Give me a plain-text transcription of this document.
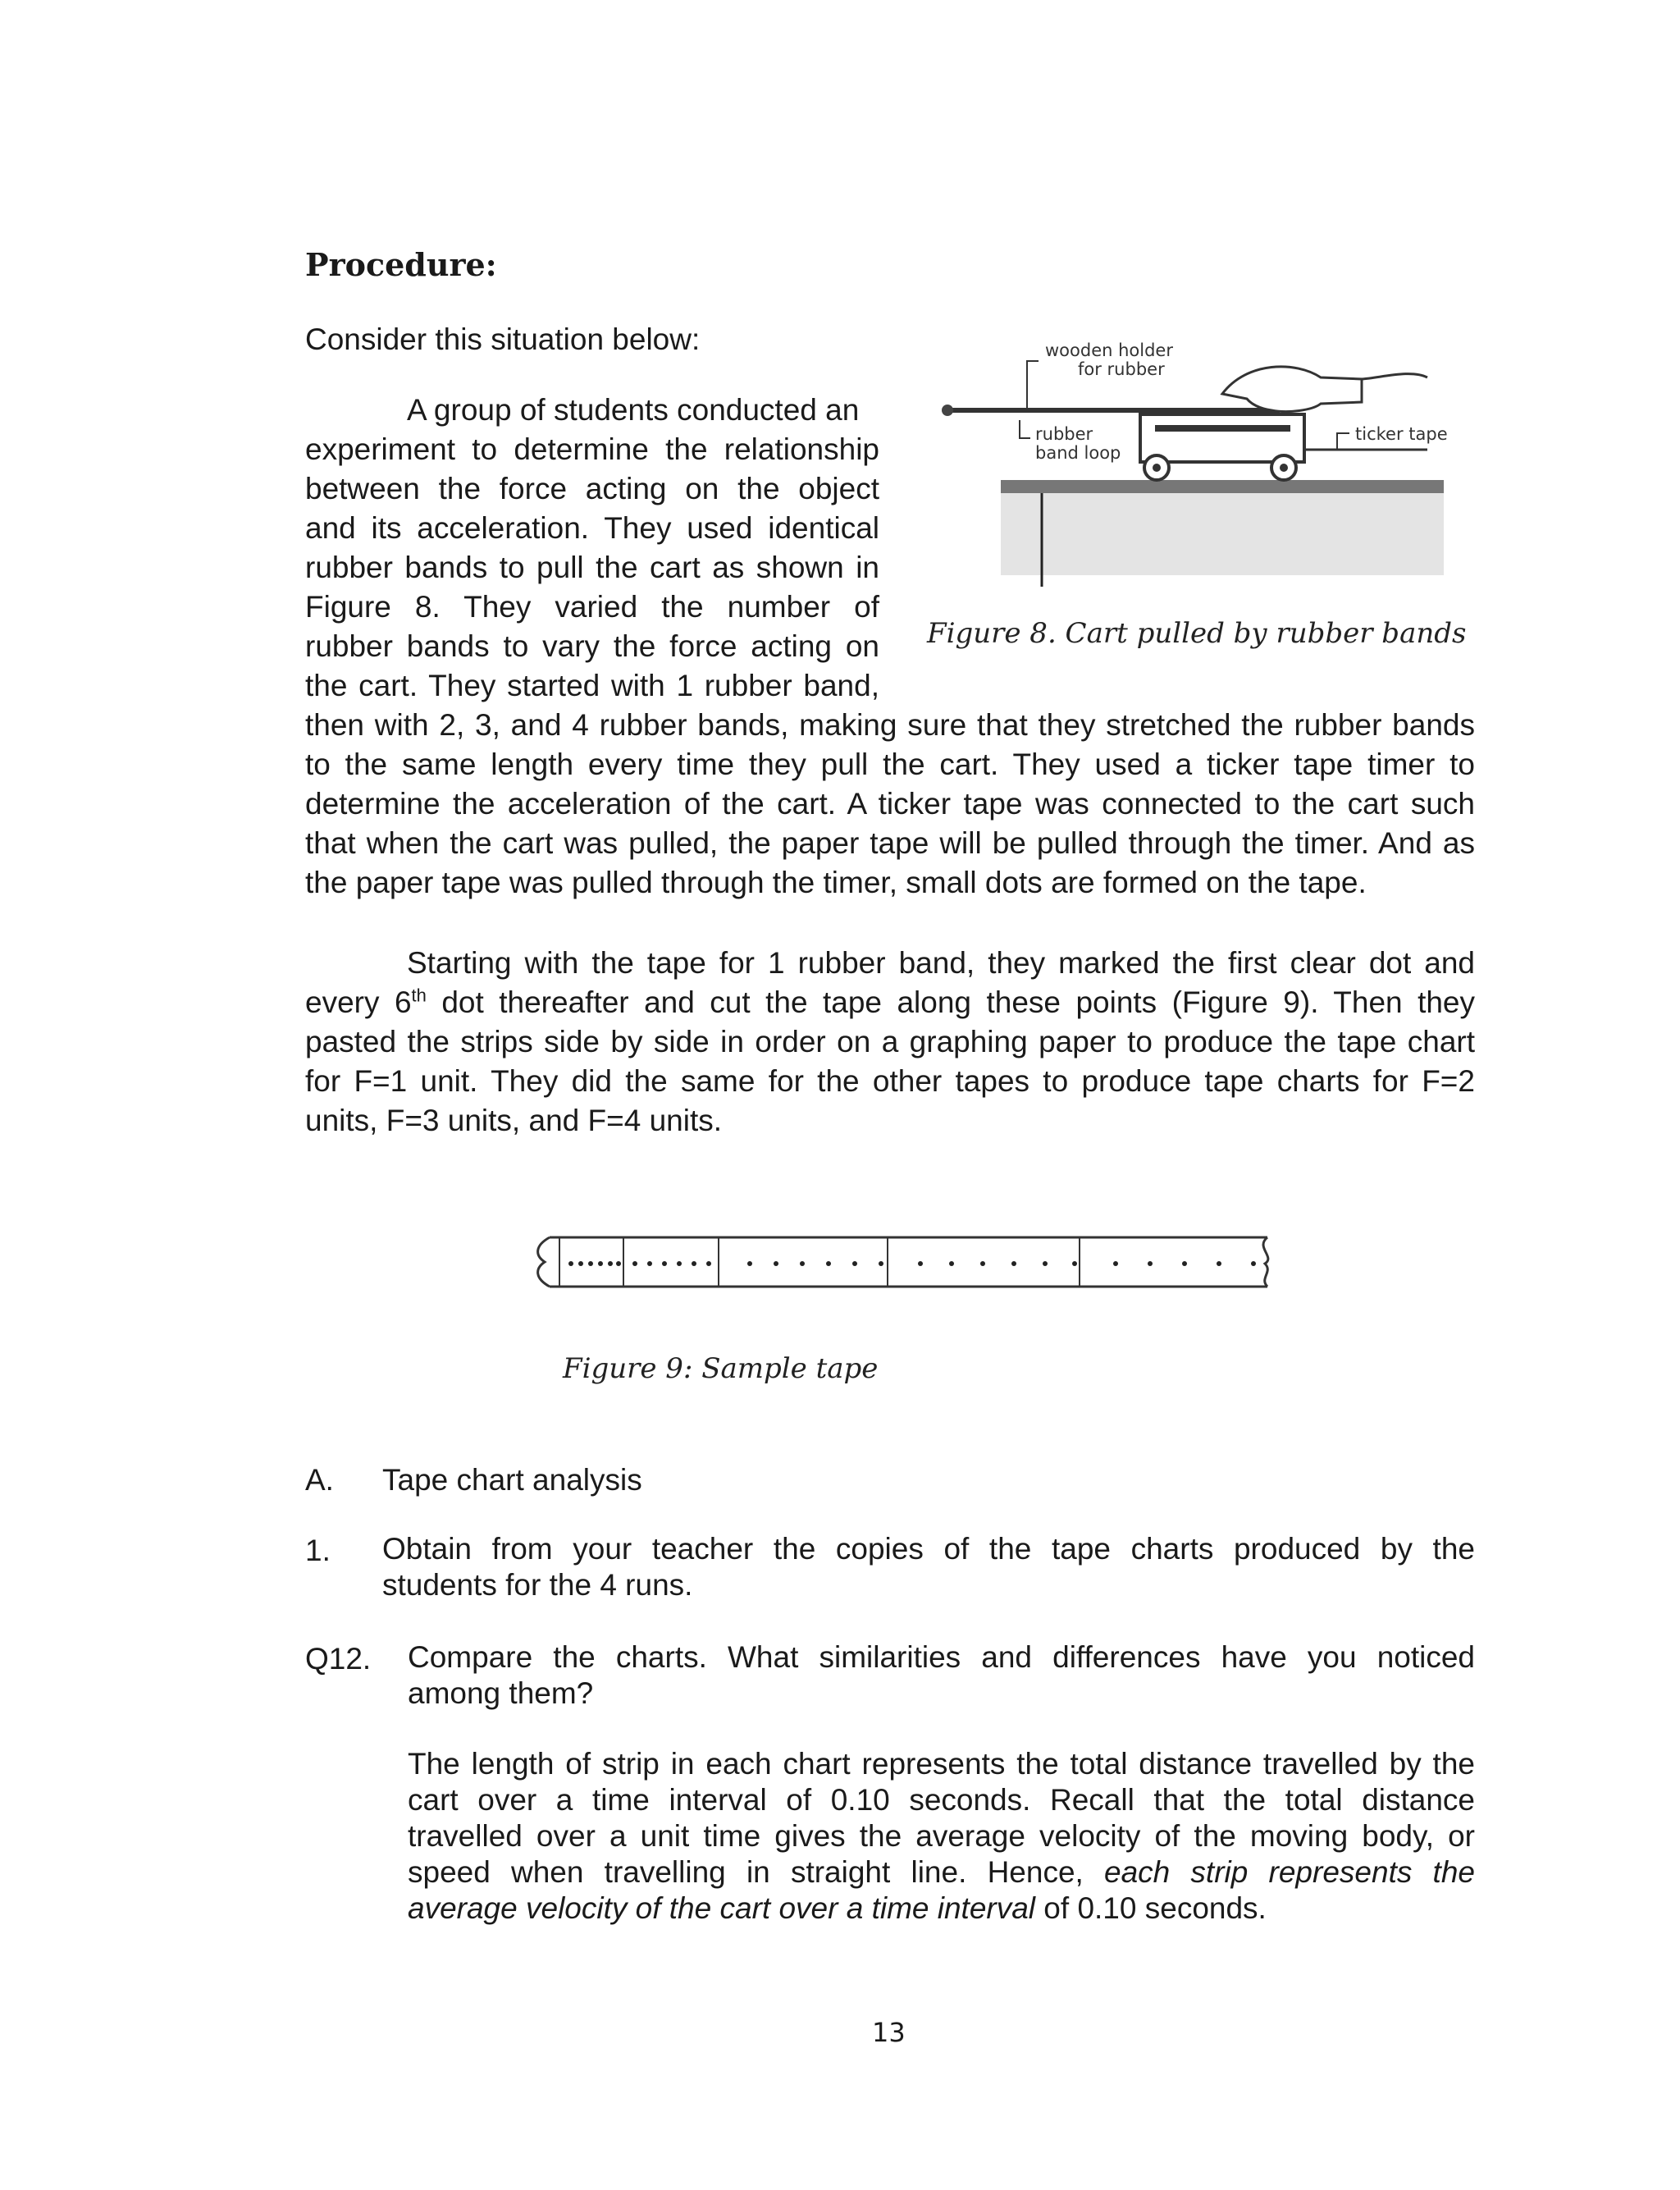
Procedure:
Consider this situation below:
A group of students conducted an
experiment to determine the relationship
between the force acting on the object
and its acceleration. They used identical
rubber bands to pull the cart as shown in
Figure 8. They varied the number of
rubber bands to vary the force acting on
the cart. They started with 1 rubber band,
then with 2, 3, and 4 rubber bands, making sure that they stretched the rubber bands
to the same length every time they pull the cart. They used a ticker tape timer to
determine the acceleration of the cart. A ticker tape was connected to the cart such
that when the cart was pulled, the paper tape will be pulled through the timer. And as
the paper tape was pulled through the timer, small dots are formed on the tape.
wooden holder
for rubber
rubber
band loop
ticker tape
Figure 8. Cart pulled by rubber bands
Starting with the tape for 1 rubber band, they marked the first clear dot and
every 6th dot thereafter and cut the tape along these points (Figure 9). Then they
pasted the strips side by side in order on a graphing paper to produce the tape chart
for F=1 unit. They did the same for the other tapes to produce tape charts for F=2
units, F=3 units, and F=4 units.
Figure 9: Sample tape
A. Tape chart analysis
1. Obtain from your teacher the copies of the tape charts produced by the
students for the 4 runs.
Q12. Compare the charts. What similarities and differences have you noticed
among them?
The length of strip in each chart represents the total distance travelled by the
cart over a time interval of 0.10 seconds. Recall that the total distance
travelled over a unit time gives the average velocity of the moving body, or
speed when travelling in straight line. Hence, each strip represents the
average velocity of the cart over a time interval of 0.10 seconds.
13
